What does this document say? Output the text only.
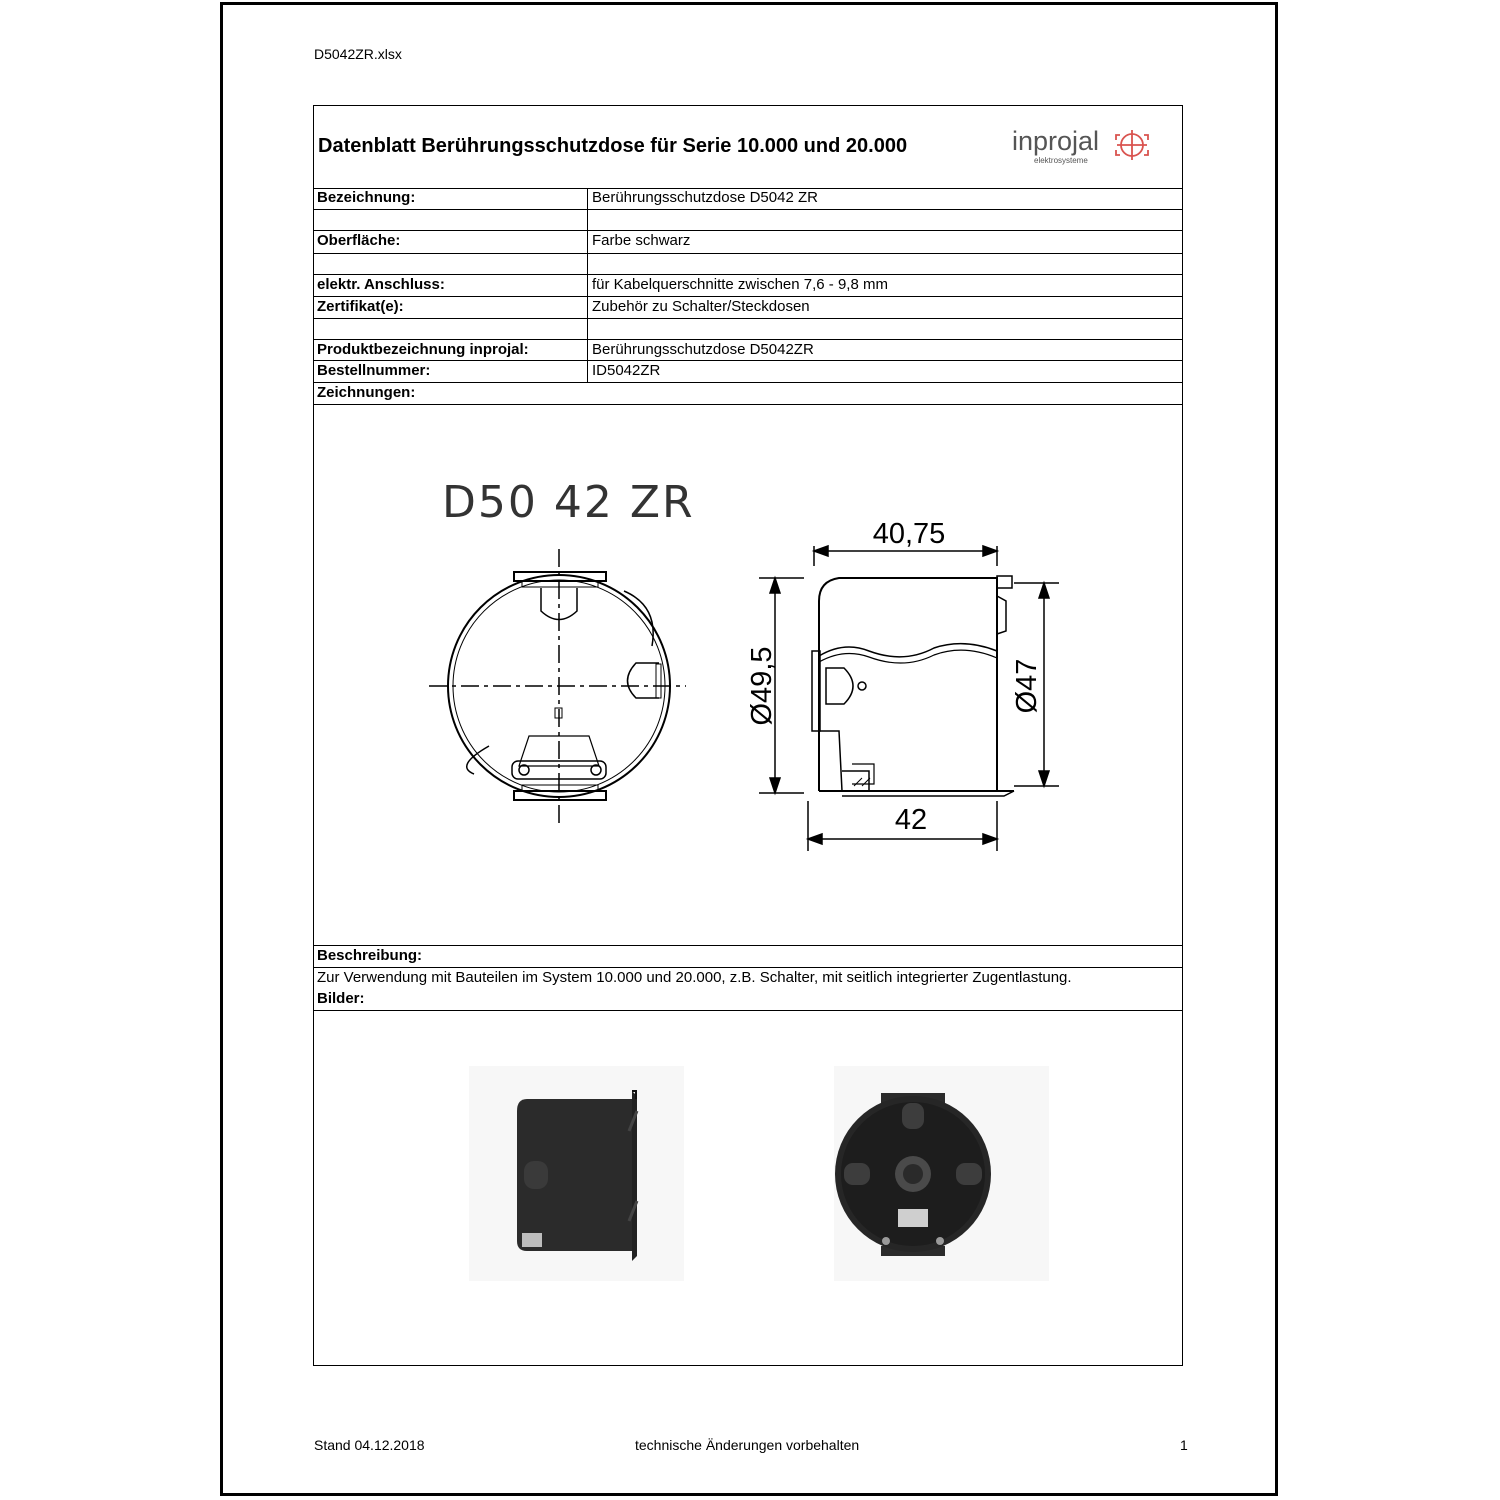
D5042ZR.xlsx
Datenblatt Berührungsschutzdose für Serie 10.000 und 20.000	inprojal
elektrosysteme
Bezeichnung:	Berührungsschutzdose D5042 ZR
Oberfläche:	Farbe schwarz
elektr. Anschluss:	für Kabelquerschnitte zwischen 7,6 - 9,8 mm
Zertifikat(e):	Zubehör zu Schalter/Steckdosen
Produktbezeichnung inprojal:	Berührungsschutzdose D5042ZR
Bestellnummer:	ID5042ZR
Zeichnungen:
D50 42 ZR
40,75
Ø49,5	Ø47
42
Beschreibung:
Zur Verwendung mit Bauteilen im System 10.000 und 20.000, z.B. Schalter, mit seitlich integrierter Zugentlastung.
Bilder:
Stand 04.12.2018	technische Änderungen vorbehalten	1
